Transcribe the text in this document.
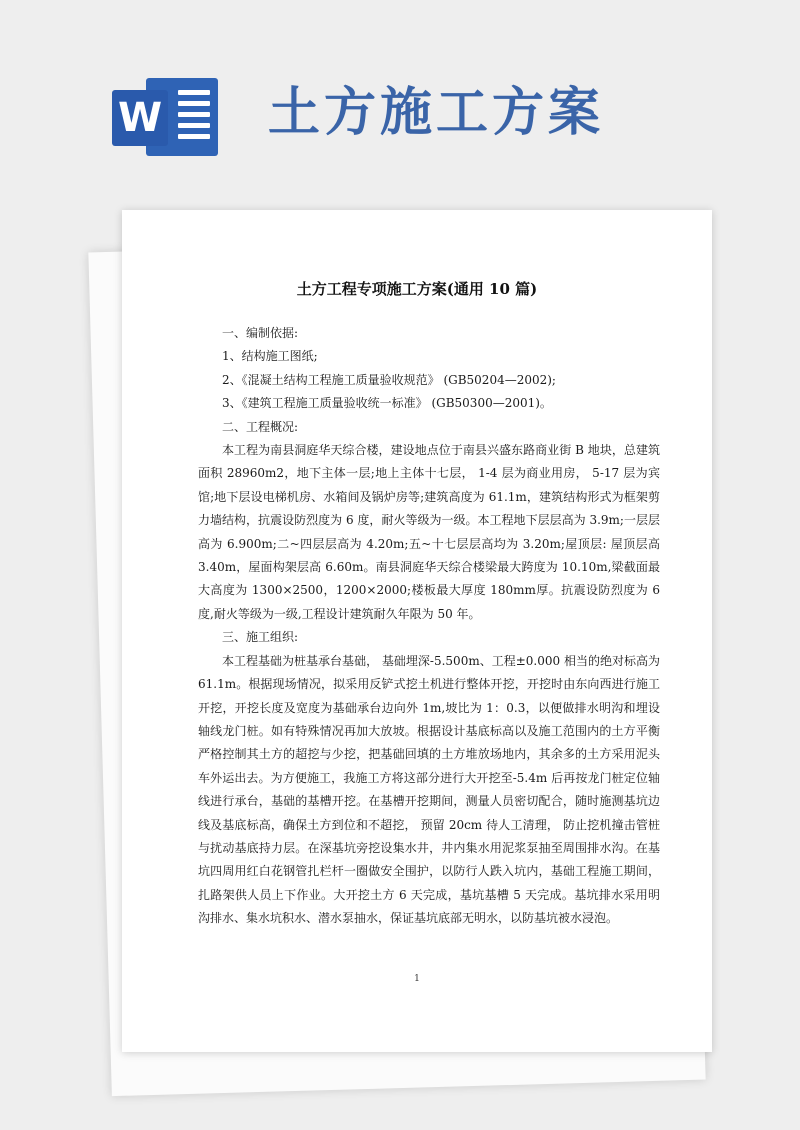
W 土方施工方案
土方工程专项施工方案(通用 10 篇)

一、编制依据:

1、结构施工图纸;

2、《混凝土结构工程施工质量验收规范》 (GB50204—2002);

3、《建筑工程施工质量验收统一标准》 (GB50300—2001)。

二、工程概况:

本工程为南县洞庭华天综合楼，建设地点位于南县兴盛东路商业街 B 地块，总建筑面积 28960m2，地下主体一层;地上主体十七层， 1-4 层为商业用房， 5-17 层为宾馆;地下层设电梯机房、水箱间及锅炉房等;建筑高度为 61.1m，建筑结构形式为框架剪力墙结构，抗震设防烈度为 6 度，耐火等级为一级。本工程地下层层高为 3.9m;一层层高为 6.900m;二~四层层高为 4.20m;五~十七层层高均为 3.20m;屋顶层: 屋顶层高 3.40m，屋面构架层高 6.60m。南县洞庭华天综合楼梁最大跨度为 10.10m,梁截面最大高度为 1300×2500，1200×2000;楼板最大厚度 180mm厚。抗震设防烈度为 6 度,耐火等级为一级,工程设计建筑耐久年限为 50 年。

三、施工组织:

本工程基础为桩基承台基础， 基础埋深-5.500m、工程±0.000 相当的绝对标高为 61.1m。根据现场情况，拟采用反铲式挖土机进行整体开挖，开挖时由东向西进行施工开挖，开挖长度及宽度为基础承台边向外 1m,坡比为 1：0.3，以便做排水明沟和埋设轴线龙门桩。如有特殊情况再加大放坡。根据设计基底标高以及施工范围内的土方平衡严格控制其土方的超挖与少挖，把基础回填的土方堆放场地内，其余多的土方采用泥头车外运出去。为方便施工，我施工方将这部分进行大开挖至-5.4m 后再按龙门桩定位轴线进行承台，基础的基槽开挖。在基槽开挖期间，测量人员密切配合，随时施测基坑边线及基底标高，确保土方到位和不超挖， 预留 20cm 待人工清理， 防止挖机撞击管桩与扰动基底持力层。在深基坑旁挖设集水井，井内集水用泥浆泵抽至周围排水沟。在基坑四周用红白花钢管扎栏杆一圈做安全围护，以防行人跌入坑内，基础工程施工期间，扎路架供人员上下作业。大开挖土方 6 天完成，基坑基槽 5 天完成。基坑排水采用明沟排水、集水坑积水、潜水泵抽水，保证基坑底部无明水，以防基坑被水浸泡。

1
